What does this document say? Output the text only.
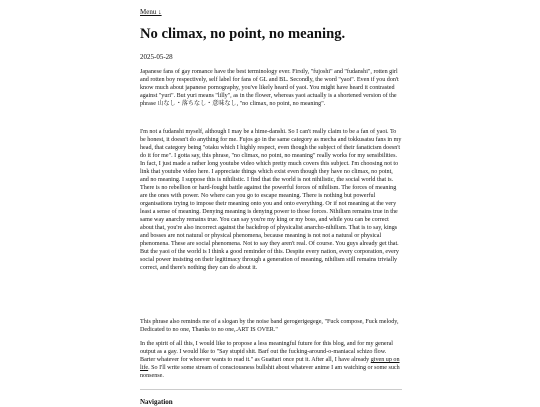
Menu ↓
No climax, no point, no meaning.
2025-05-28

Japanese fans of gay romance have the best terminology ever. Firstly, "fujoshi" and "fudanshi", rotten girl and rotten boy respectively, self label for fans of GL and BL. Secondly, the word "yaoi". Even if you don't know much about japanese pornography, you've likely heard of yaoi. You might have heard it contrasted against "yuri". But yuri means "lilly", as in the flower, whereas yaoi actually is a shortened version of the phrase 山なし・落ちなし・意味なし, "no climax, no point, no meaning".

I'm not a fudanshi myself, although I may be a hime-danshi. So I can't really claim to be a fan of yaoi. To be honest, it doesn't do anything for me. Fujos go in the same category as mecha and tokkusatsu fans in my head, that category being "otaku which I highly respect, even though the subject of their fanaticism doesn't do it for me". I gotta say, this phrase, "no climax, no point, no meaning" really works for my sensibilities. In fact, I just made a rather long youtube video which pretty much covers this subject. I'm choosing not to link that youtube video here. I appreciate things which exist even though they have no climax, no point, and no meaning. I suppose this is nihilistic. I find that the world is not nihilistic, the social world that is. There is no rebellion or hard-fought battle against the powerful forces of nihilism. The forces of meaning are the ones with power. No where can you go to escape meaning. There is nothing but powerful organisations trying to impose their meaning onto you and onto everything. Or if not meaning at the very least a sense of meaning. Denying meaning is denying power to those forces. Nihilism remains true in the same way anarchy remains true. You can say you're my king or my boss, and while you can be correct about that, you're also incorrect against the backdrop of physicalist anarcho-nihilism. That is to say, kings and bosses are not natural or physical phenomena, because meaning is not not a natural or physical phenomena. These are social phenomena. Not to say they aren't real. Of course. You guys already get that. But the yaoi of the world is I think a good reminder of this. Despite every nation, every corporation, every social power insisting on their legitimacy through a generation of meaning, nihilism still remains trivially correct, and there's nothing they can do about it.

This phrase also reminds me of a slogan by the noise band gerogerigegege, "Fuck compose, Fuck melody, Dedicated to no one, Thanks to no one,.ART IS OVER."

In the spirit of all this, I would like to propose a less meaningful future for this blog, and for my general output as a gay. I would like to "Say stupid shit. Barf out the fucking-around-o-maniacal schizo flow. Barter whatever for whoever wants to read it." as Guattari once put it. After all, I have already given up on life. So I'll write some stream of consciousness bullshit about whatever anime I am watching or some such nonsense.

Navigation
